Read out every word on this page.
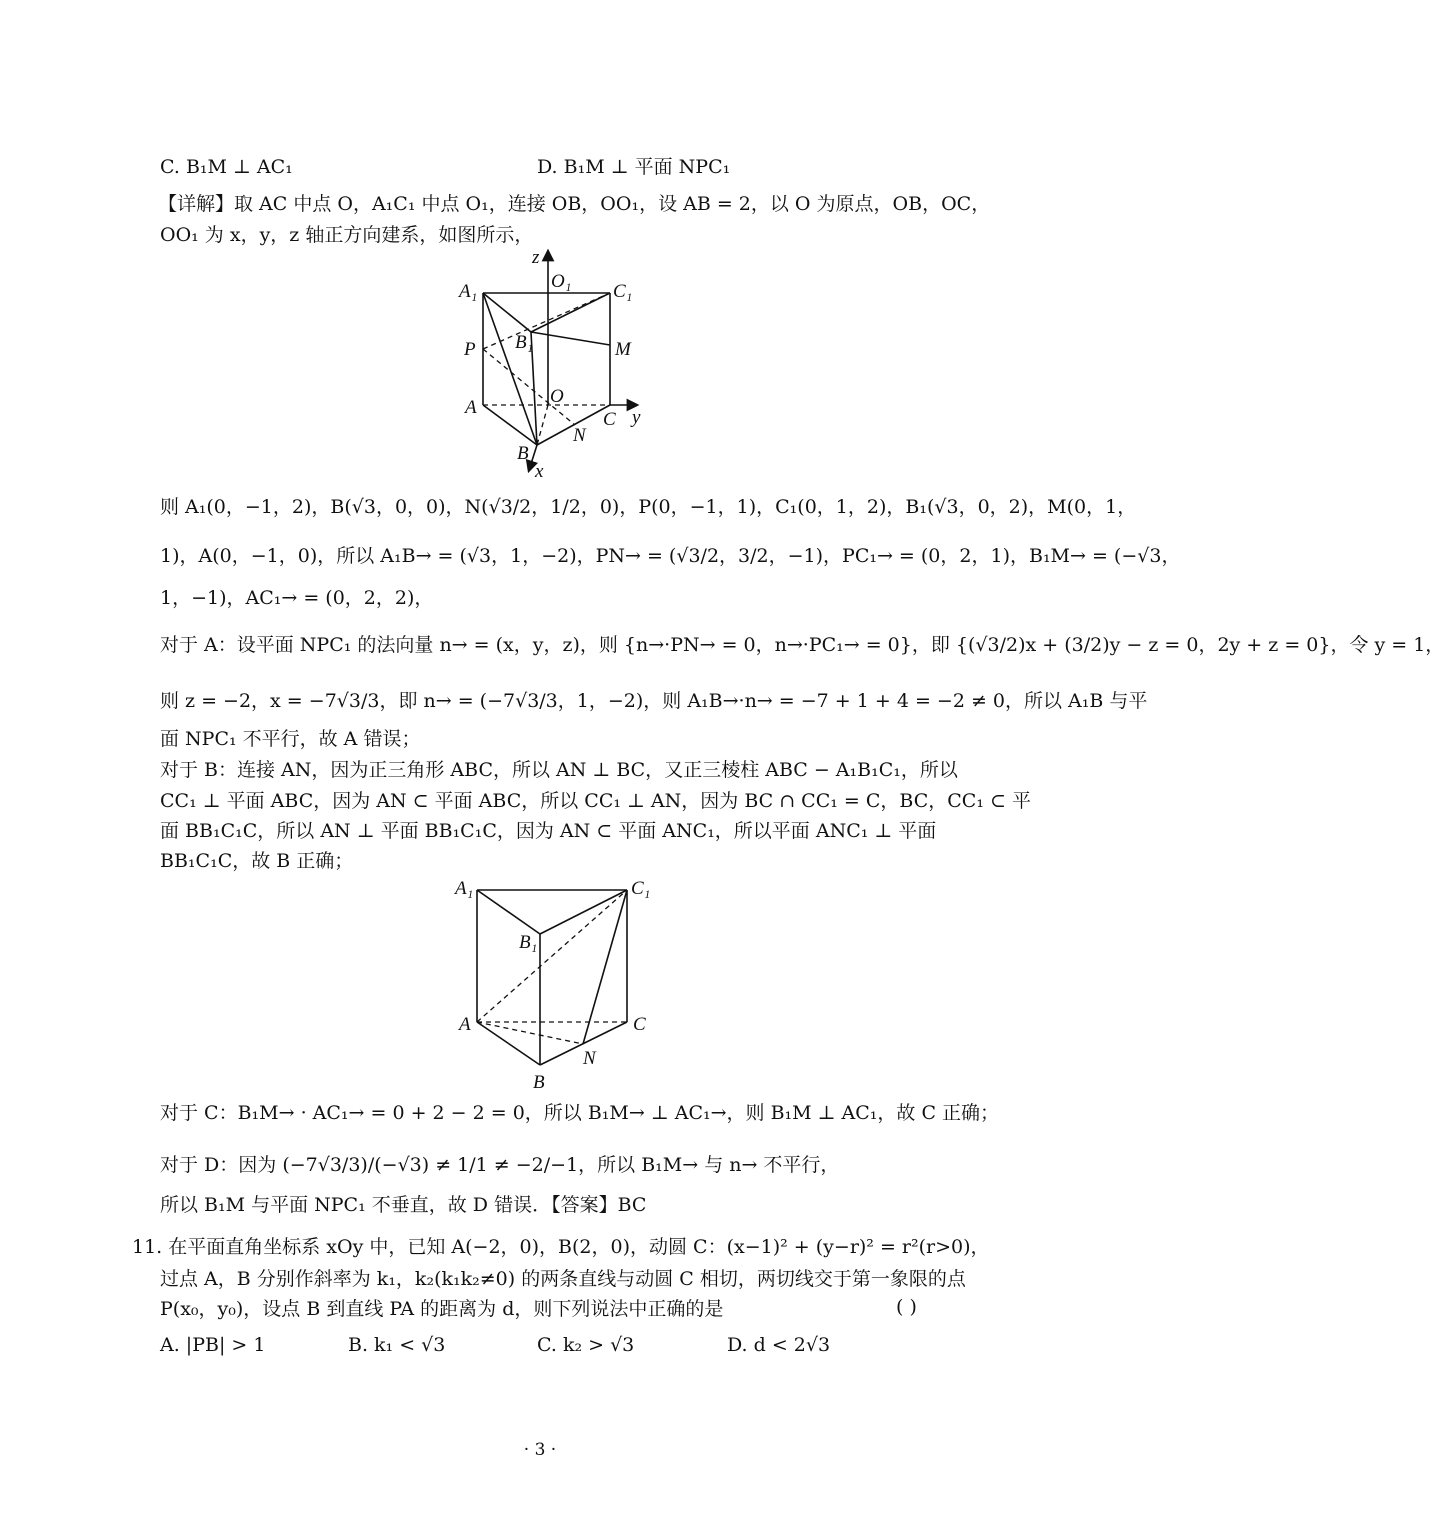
C. B₁M ⊥ AC₁	D. B₁M ⊥ 平面 NPC₁
【详解】取 AC 中点 O，A₁C₁ 中点 O₁，连接 OB，OO₁，设 AB = 2，以 O 为原点，OB，OC，
OO₁ 为 x，y，z 轴正方向建系，如图所示，
z
O₁
A₁	C₁
P B₁	M
A
O
C y
N
B
x
则 A₁(0，−1，2)，B(√3，0，0)，N(√3/2，1/2，0)，P(0，−1，1)，C₁(0，1，2)，B₁(√3，0，2)，M(0，1，
1)，A(0，−1，0)，所以 A₁B→ = (√3，1，−2)，PN→ = (√3/2，3/2，−1)，PC₁→ = (0，2，1)，B₁M→ = (−√3，
1，−1)，AC₁→ = (0，2，2)，
对于 A：设平面 NPC₁ 的法向量 n→ = (x，y，z)，则 {n→·PN→ = 0，n→·PC₁→ = 0}，即 {(√3/2)x + (3/2)y − z = 0，2y + z = 0}，令 y = 1，
则 z = −2，x = −7√3/3，即 n→ = (−7√3/3，1，−2)，则 A₁B→·n→ = −7 + 1 + 4 = −2 ≠ 0，所以 A₁B 与平
面 NPC₁ 不平行，故 A 错误；
对于 B：连接 AN，因为正三角形 ABC，所以 AN ⊥ BC，又正三棱柱 ABC − A₁B₁C₁，所以
CC₁ ⊥ 平面 ABC，因为 AN ⊂ 平面 ABC，所以 CC₁ ⊥ AN，因为 BC ∩ CC₁ = C，BC，CC₁ ⊂ 平
面 BB₁C₁C，所以 AN ⊥ 平面 BB₁C₁C，因为 AN ⊂ 平面 ANC₁，所以平面 ANC₁ ⊥ 平面
BB₁C₁C，故 B 正确；
A₁	C₁
B₁
A	C
N
B
对于 C：B₁M→ · AC₁→ = 0 + 2 − 2 = 0，所以 B₁M→ ⊥ AC₁→，则 B₁M ⊥ AC₁，故 C 正确；
对于 D：因为 (−7√3/3)/(−√3) ≠ 1/1 ≠ −2/−1，所以 B₁M→ 与 n→ 不平行，
所以 B₁M 与平面 NPC₁ 不垂直，故 D 错误．【答案】BC
11. 在平面直角坐标系 xOy 中，已知 A(−2，0)，B(2，0)，动圆 C：(x−1)² + (y−r)² = r²(r>0)，
过点 A，B 分别作斜率为 k₁，k₂(k₁k₂≠0) 的两条直线与动圆 C 相切，两切线交于第一象限的点
P(x₀，y₀)，设点 B 到直线 PA 的距离为 d，则下列说法中正确的是	( )
A. |PB| > 1	B. k₁ < √3	C. k₂ > √3	D. d < 2√3
· 3 ·
